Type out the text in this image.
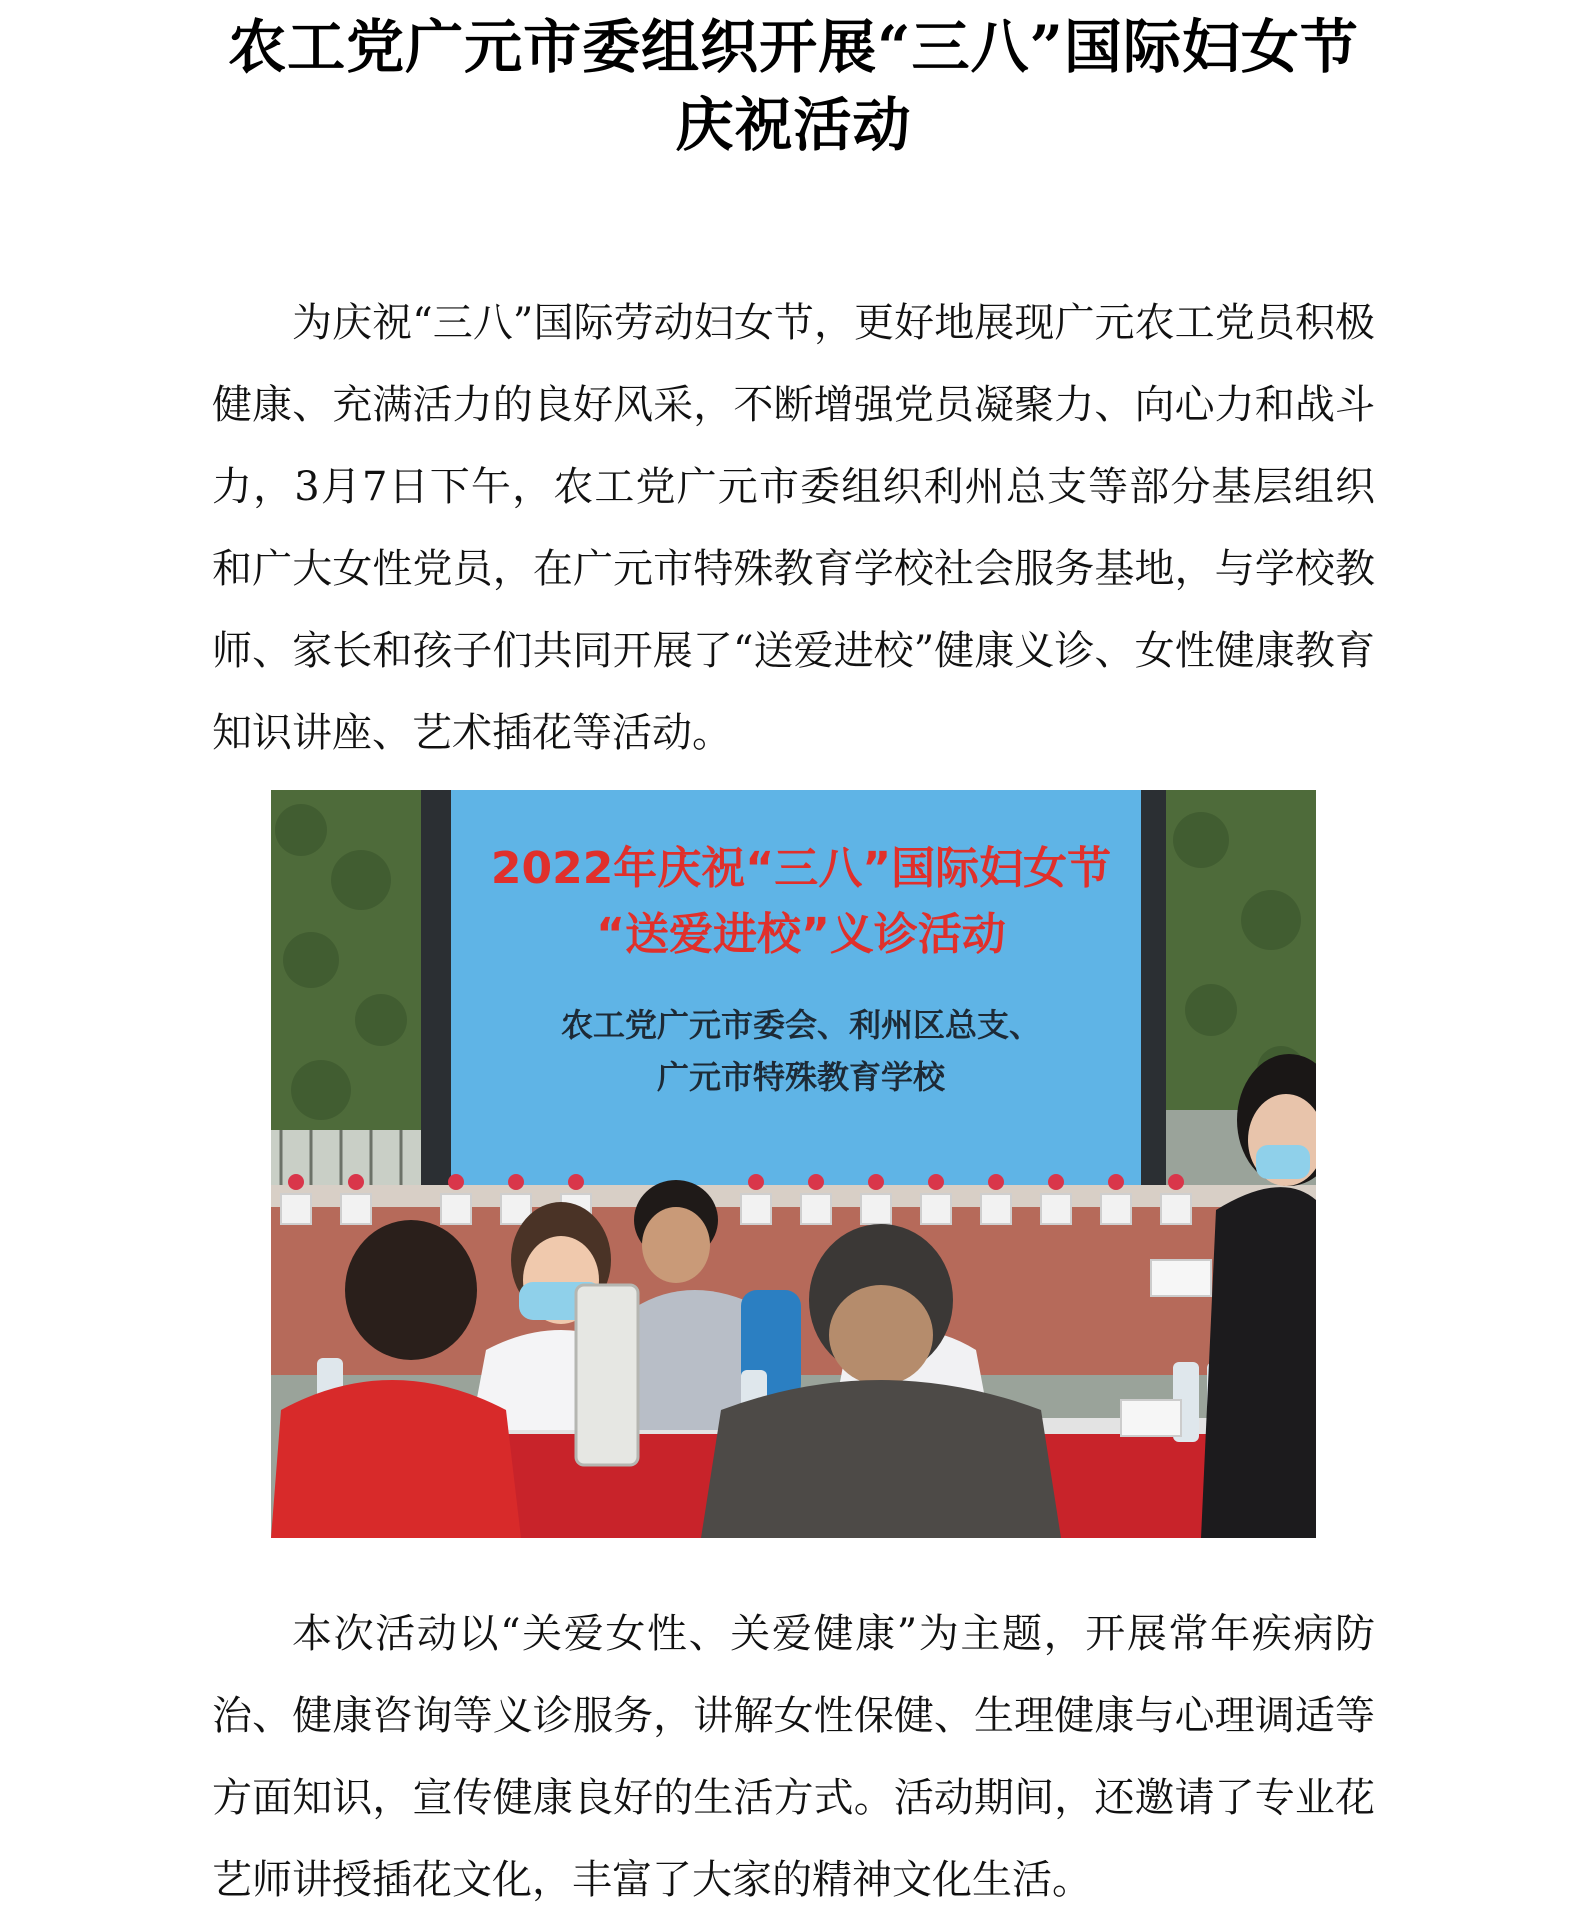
农工党广元市委组织开展“三八”国际妇女节
庆祝活动

为庆祝“三八”国际劳动妇女节，更好地展现广元农工党员积极健康、充满活力的良好风采，不断增强党员凝聚力、向心力和战斗力，3月7日下午，农工党广元市委组织利州总支等部分基层组织和广大女性党员，在广元市特殊教育学校社会服务基地，与学校教师、家长和孩子们共同开展了“送爱进校”健康义诊、女性健康教育知识讲座、艺术插花等活动。

2022年庆祝“三八”国际妇女节
“送爱进校”义诊活动
农工党广元市委会、利州区总支、
广元市特殊教育学校

本次活动以“关爱女性、关爱健康”为主题，开展常年疾病防治、健康咨询等义诊服务，讲解女性保健、生理健康与心理调适等方面知识，宣传健康良好的生活方式。活动期间，还邀请了专业花艺师讲授插花文化，丰富了大家的精神文化生活。
